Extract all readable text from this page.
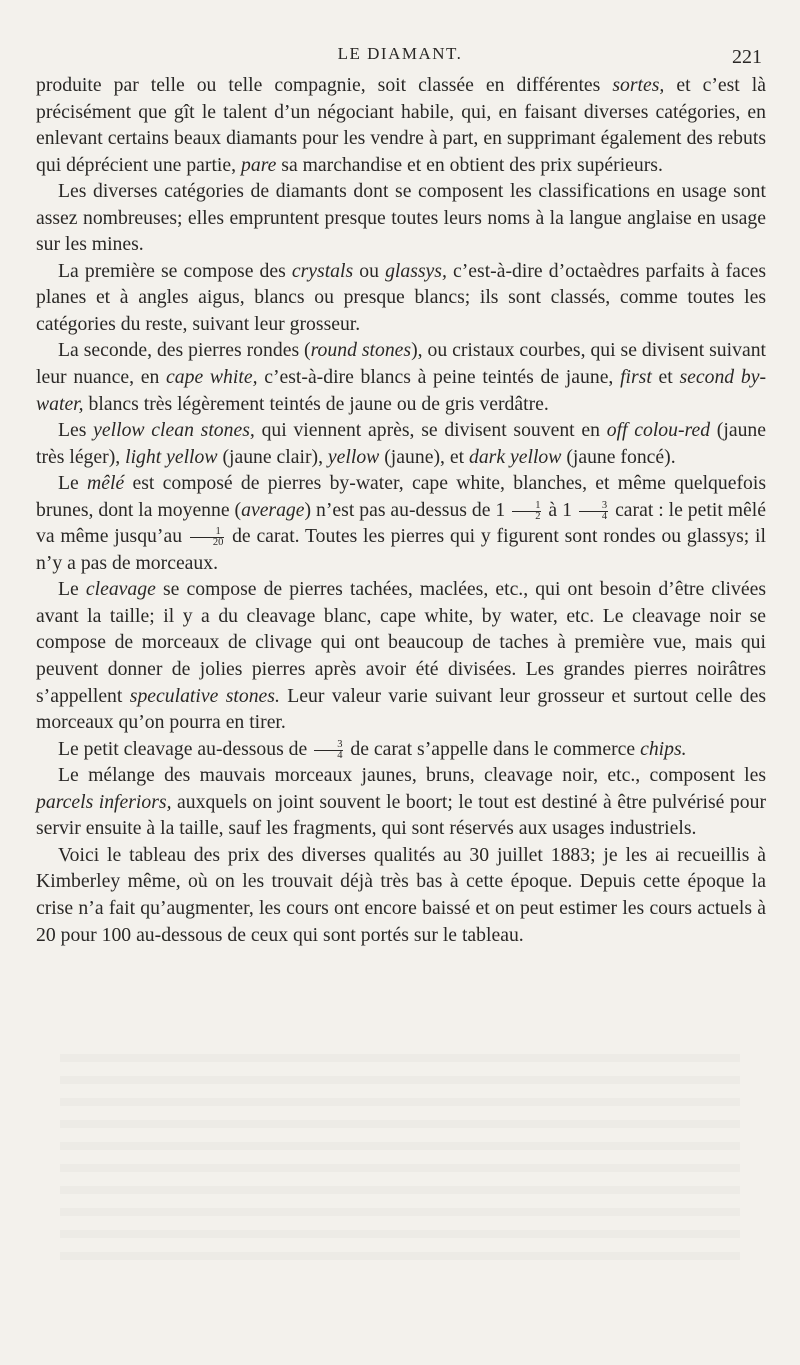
LE DIAMANT.	221

produite par telle ou telle compagnie, soit classée en différentes sortes, et c’est là précisément que gît le talent d’un négociant habile, qui, en faisant diverses catégories, en enlevant certains beaux diamants pour les vendre à part, en supprimant également des rebuts qui déprécient une partie, pare sa marchandise et en obtient des prix supérieurs.

Les diverses catégories de diamants dont se composent les classifications en usage sont assez nombreuses; elles empruntent presque toutes leurs noms à la langue anglaise en usage sur les mines.

La première se compose des crystals ou glassys, c’est-à-dire d’octaèdres parfaits à faces planes et à angles aigus, blancs ou presque blancs; ils sont classés, comme toutes les catégories du reste, suivant leur grosseur.

La seconde, des pierres rondes (round stones), ou cristaux courbes, qui se divisent suivant leur nuance, en cape white, c’est-à-dire blancs à peine teintés de jaune, first et second by-water, blancs très légèrement teintés de jaune ou de gris verdâtre.

Les yellow clean stones, qui viennent après, se divisent souvent en off colou-red (jaune très léger), light yellow (jaune clair), yellow (jaune), et dark yellow (jaune foncé).

Le mêlé est composé de pierres by-water, cape white, blanches, et même quelquefois brunes, dont la moyenne (average) n’est pas au-dessus de $1 \frac{1}{2}$ à $1 \frac{3}{4}$ carat : le petit mêlé va même jusqu’au $\frac{1}{20}$ de carat. Toutes les pierres qui y figurent sont rondes ou glassys; il n’y a pas de morceaux.

Le cleavage se compose de pierres tachées, maclées, etc., qui ont besoin d’être clivées avant la taille; il y a du cleavage blanc, cape white, by water, etc. Le cleavage noir se compose de morceaux de clivage qui ont beaucoup de taches à première vue, mais qui peuvent donner de jolies pierres après avoir été divisées. Les grandes pierres noirâtres s’appellent speculative stones. Leur valeur varie suivant leur grosseur et surtout celle des morceaux qu’on pourra en tirer.

Le petit cleavage au-dessous de $\frac{3}{4}$ de carat s’appelle dans le commerce chips.

Le mélange des mauvais morceaux jaunes, bruns, cleavage noir, etc., composent les parcels inferiors, auxquels on joint souvent le boort; le tout est destiné à être pulvérisé pour servir ensuite à la taille, sauf les fragments, qui sont réservés aux usages industriels.

Voici le tableau des prix des diverses qualités au 30 juillet 1883; je les ai recueillis à Kimberley même, où on les trouvait déjà très bas à cette époque. Depuis cette époque la crise n’a fait qu’augmenter, les cours ont encore baissé et on peut estimer les cours actuels à 20 pour 100 au-dessous de ceux qui sont portés sur le tableau.
